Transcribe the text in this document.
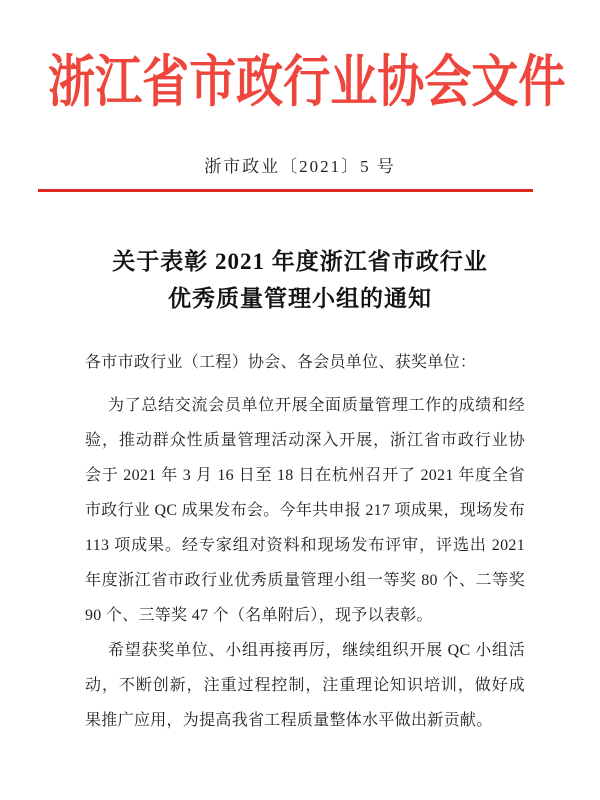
浙江省市政行业协会文件
浙市政业〔2021〕5 号
关于表彰 2021 年度浙江省市政行业
优秀质量管理小组的通知

各市市政行业（工程）协会、各会员单位、获奖单位：

为了总结交流会员单位开展全面质量管理工作的成绩和经验，推动群众性质量管理活动深入开展，浙江省市政行业协会于 2021 年 3 月 16 日至 18 日在杭州召开了 2021 年度全省市政行业 QC 成果发布会。今年共申报 217 项成果，现场发布 113 项成果。经专家组对资料和现场发布评审，评选出 2021 年度浙江省市政行业优秀质量管理小组一等奖 80 个、二等奖 90 个、三等奖 47 个（名单附后），现予以表彰。

希望获奖单位、小组再接再厉，继续组织开展 QC 小组活动，不断创新，注重过程控制，注重理论知识培训，做好成果推广应用，为提高我省工程质量整体水平做出新贡献。
